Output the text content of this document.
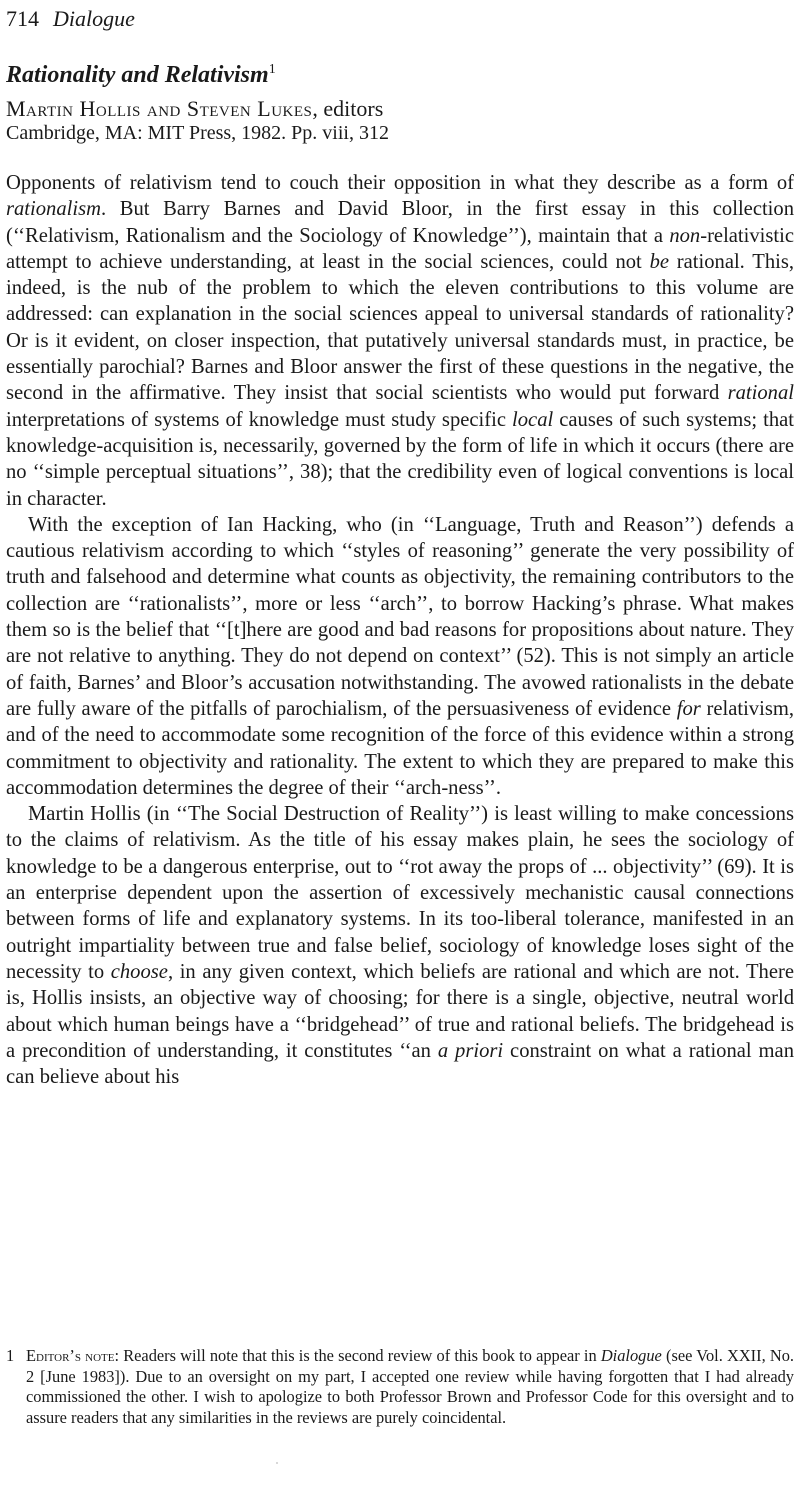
714 Dialogue
Rationality and Relativism$^1$
Martin Hollis and Steven Lukes, editors
Cambridge, MA: MIT Press, 1982. Pp. viii, 312

Opponents of relativism tend to couch their opposition in what they describe as a form of rationalism. But Barry Barnes and David Bloor, in the first essay in this collection (‘‘Relativism, Rationalism and the Sociology of Knowledge’’), maintain that a non-relativistic attempt to achieve understanding, at least in the social sciences, could not be rational. This, indeed, is the nub of the problem to which the eleven contributions to this volume are addressed: can explanation in the social sciences appeal to universal standards of rationality? Or is it evident, on closer inspection, that putatively universal standards must, in practice, be essentially parochial? Barnes and Bloor answer the first of these questions in the negative, the second in the affirmative. They insist that social scientists who would put forward rational interpretations of systems of knowledge must study specific local causes of such systems; that knowledge-acquisition is, necessarily, governed by the form of life in which it occurs (there are no ‘‘simple perceptual situations’’, 38); that the credibility even of logical conventions is local in character.

With the exception of Ian Hacking, who (in ‘‘Language, Truth and Reason’’) defends a cautious relativism according to which ‘‘styles of reasoning’’ generate the very possibility of truth and falsehood and determine what counts as objectivity, the remaining contributors to the collection are ‘‘rationalists’’, more or less ‘‘arch’’, to borrow Hacking’s phrase. What makes them so is the belief that ‘‘[t]here are good and bad reasons for propositions about nature. They are not relative to anything. They do not depend on context’’ (52). This is not simply an article of faith, Barnes’ and Bloor’s accusation notwithstanding. The avowed rationalists in the debate are fully aware of the pitfalls of parochialism, of the persuasiveness of evidence for relativism, and of the need to accommodate some recognition of the force of this evidence within a strong commitment to objectivity and rationality. The extent to which they are prepared to make this accommodation determines the degree of their ‘‘arch-ness’’.

Martin Hollis (in ‘‘The Social Destruction of Reality’’) is least willing to make concessions to the claims of relativism. As the title of his essay makes plain, he sees the sociology of knowledge to be a dangerous enterprise, out to ‘‘rot away the props of ... objectivity’’ (69). It is an enterprise dependent upon the assertion of excessively mechanistic causal connections between forms of life and explanatory systems. In its too-liberal tolerance, manifested in an outright impartiality between true and false belief, sociology of knowledge loses sight of the necessity to choose, in any given context, which beliefs are rational and which are not. There is, Hollis insists, an objective way of choosing; for there is a single, objective, neutral world about which human beings have a ‘‘bridgehead’’ of true and rational beliefs. The bridgehead is a precondition of understanding, it constitutes ‘‘an a priori constraint on what a rational man can believe about his

1 Editor’s note: Readers will note that this is the second review of this book to appear in Dialogue (see Vol. XXII, No. 2 [June 1983]). Due to an oversight on my part, I accepted one review while having forgotten that I had already commissioned the other. I wish to apologize to both Professor Brown and Professor Code for this oversight and to assure readers that any similarities in the reviews are purely coincidental.
